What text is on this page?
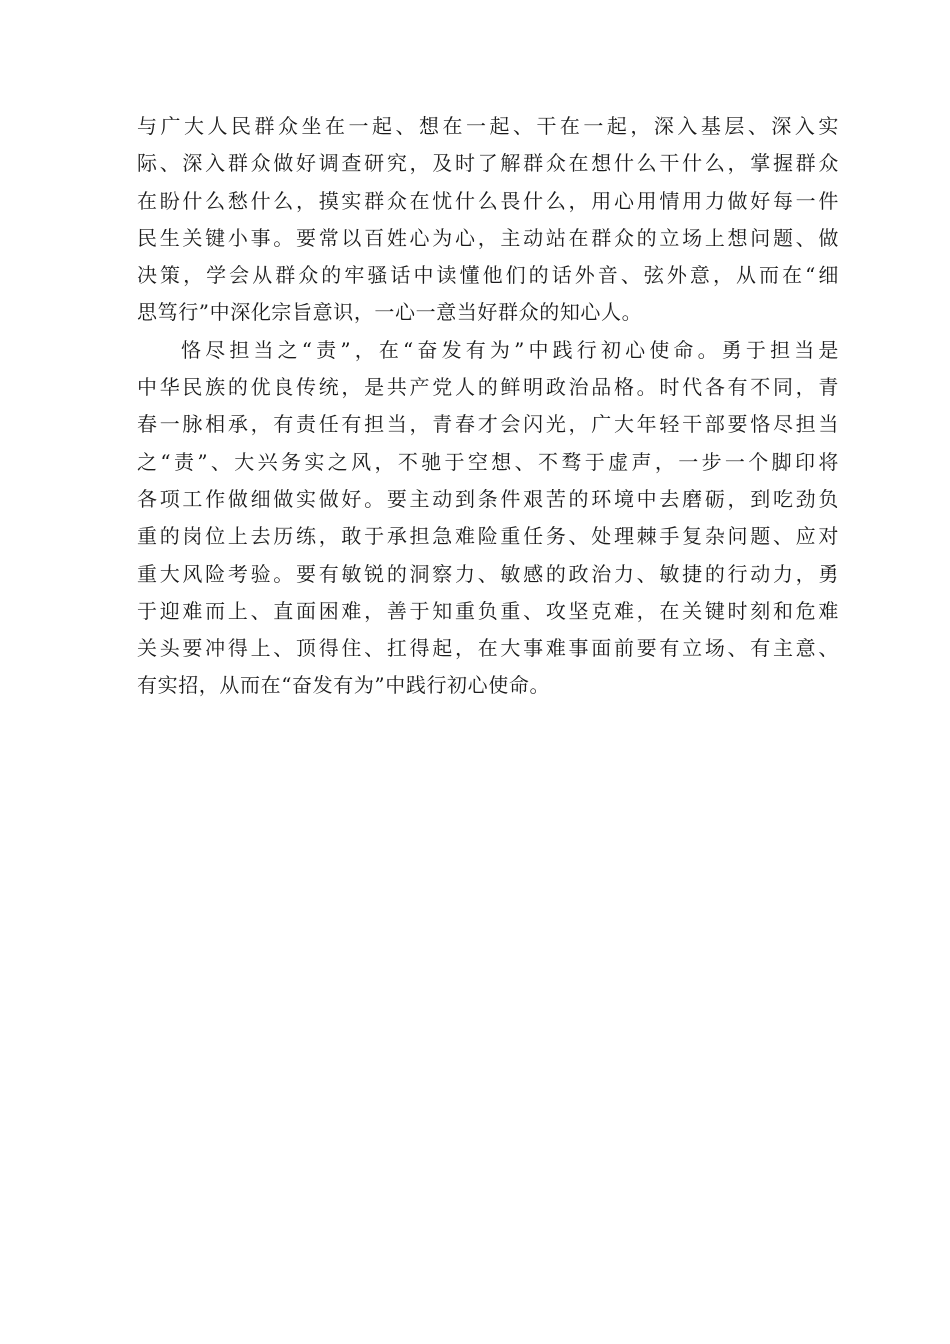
与广大人民群众坐在一起、想在一起、干在一起，深入基层、深入实
际、深入群众做好调查研究，及时了解群众在想什么干什么，掌握群众
在盼什么愁什么，摸实群众在忧什么畏什么，用心用情用力做好每一件
民生关键小事。要常以百姓心为心，主动站在群众的立场上想问题、做
决策，学会从群众的牢骚话中读懂他们的话外音、弦外意，从而在“细
思笃行”中深化宗旨意识，一心一意当好群众的知心人。
恪尽担当之“责”，在“奋发有为”中践行初心使命。勇于担当是
中华民族的优良传统，是共产党人的鲜明政治品格。时代各有不同，青
春一脉相承，有责任有担当，青春才会闪光，广大年轻干部要恪尽担当
之“责”、大兴务实之风，不驰于空想、不骛于虚声，一步一个脚印将
各项工作做细做实做好。要主动到条件艰苦的环境中去磨砺，到吃劲负
重的岗位上去历练，敢于承担急难险重任务、处理棘手复杂问题、应对
重大风险考验。要有敏锐的洞察力、敏感的政治力、敏捷的行动力，勇
于迎难而上、直面困难，善于知重负重、攻坚克难，在关键时刻和危难
关头要冲得上、顶得住、扛得起，在大事难事面前要有立场、有主意、
有实招，从而在“奋发有为”中践行初心使命。
